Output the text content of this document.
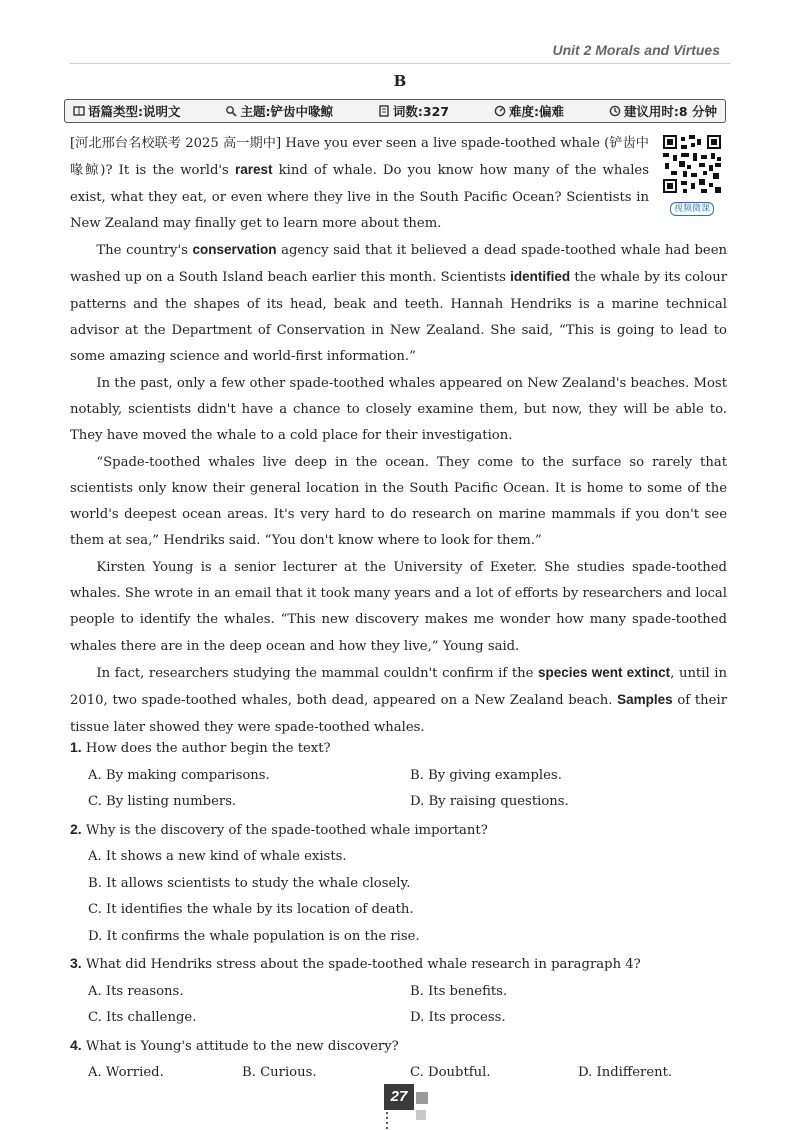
Unit 2 Morals and Virtues
B
语篇类型:说明文	主题:铲齿中喙鲸	词数:327	难度:偏难	建议用时:8 分钟
视频微课

[河北邢台名校联考 2025 高一期中] Have you ever seen a live spade-toothed whale (铲齿中喙鲸)? It is the world's rarest kind of whale. Do you know how many of the whales exist, what they eat, or even where they live in the South Pacific Ocean? Scientists in New Zealand may finally get to learn more about them.

The country's conservation agency said that it believed a dead spade-toothed whale had been washed up on a South Island beach earlier this month. Scientists identified the whale by its colour patterns and the shapes of its head, beak and teeth. Hannah Hendriks is a marine technical advisor at the Department of Conservation in New Zealand. She said, “This is going to lead to some amazing science and world-first information.”

In the past, only a few other spade-toothed whales appeared on New Zealand's beaches. Most notably, scientists didn't have a chance to closely examine them, but now, they will be able to. They have moved the whale to a cold place for their investigation.

“Spade-toothed whales live deep in the ocean. They come to the surface so rarely that scientists only know their general location in the South Pacific Ocean. It is home to some of the world's deepest ocean areas. It's very hard to do research on marine mammals if you don't see them at sea,” Hendriks said. “You don't know where to look for them.”

Kirsten Young is a senior lecturer at the University of Exeter. She studies spade-toothed whales. She wrote in an email that it took many years and a lot of efforts by researchers and local people to identify the whales. “This new discovery makes me wonder how many spade-toothed whales there are in the deep ocean and how they live,” Young said.

In fact, researchers studying the mammal couldn't confirm if the species went extinct, until in 2010, two spade-toothed whales, both dead, appeared on a New Zealand beach. Samples of their tissue later showed they were spade-toothed whales.

1. How does the author begin the text?

A. By making comparisons.	B. By giving examples.
C. By listing numbers.	D. By raising questions.

2. Why is the discovery of the spade-toothed whale important?

A. It shows a new kind of whale exists.
B. It allows scientists to study the whale closely.
C. It identifies the whale by its location of death.
D. It confirms the whale population is on the rise.

3. What did Hendriks stress about the spade-toothed whale research in paragraph 4?

A. Its reasons.	B. Its benefits.
C. Its challenge.	D. Its process.

4. What is Young's attitude to the new discovery?

A. Worried.	B. Curious.	C. Doubtful.	D. Indifferent.
27
